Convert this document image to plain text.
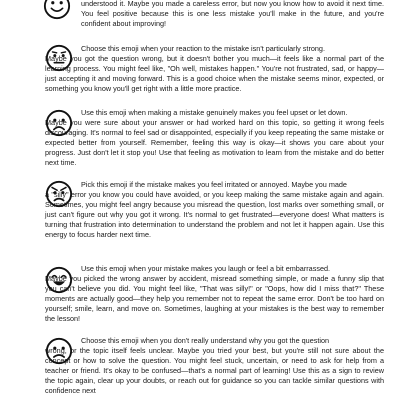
understood it. Maybe you made a careless error, but now you know how to avoid it next time. You feel positive because this is one less mistake you'll make in the future, and you're confident about improving!

Choose this emoji when your reaction to the mistake isn't particularly strong.
Maybe you got the question wrong, but it doesn't bother you much—it feels like a normal part of the learning process. You might feel like, "Oh well, mistakes happen." You're not frustrated, sad, or happy—just accepting it and moving forward. This is a good choice when the mistake seems minor, expected, or something you know you'll get right with a little more practice.

Use this emoji when making a mistake genuinely makes you feel upset or let down.
Maybe you were sure about your answer or had worked hard on this topic, so getting it wrong feels discouraging. It's normal to feel sad or disappointed, especially if you keep repeating the same mistake or expected better from yourself. Remember, feeling this way is okay—it shows you care about your progress. Just don't let it stop you! Use that feeling as motivation to learn from the mistake and do better next time.

Pick this emoji if the mistake makes you feel irritated or annoyed. Maybe you made
a "silly" error you know you could have avoided, or you keep making the same mistake again and again. Sometimes, you might feel angry because you misread the question, lost marks over something small, or just can't figure out why you got it wrong. It's normal to get frustrated—everyone does! What matters is turning that frustration into determination to understand the problem and not let it happen again. Use this energy to focus harder next time.

Use this emoji when your mistake makes you laugh or feel a bit embarrassed.
Maybe you picked the wrong answer by accident, misread something simple, or made a funny slip that you can't believe you did. You might feel like, "That was silly!" or "Oops, how did I miss that?" These moments are actually good—they help you remember not to repeat the same error. Don't be too hard on yourself; smile, learn, and move on. Sometimes, laughing at your mistakes is the best way to remember the lesson!

Choose this emoji when you don't really understand why you got the question
wrong, or the topic itself feels unclear. Maybe you tried your best, but you're still not sure about the concept or how to solve the question. You might feel stuck, uncertain, or need to ask for help from a teacher or friend. It's okay to be confused—that's a normal part of learning! Use this as a sign to review the topic again, clear up your doubts, or reach out for guidance so you can tackle similar questions with confidence next
